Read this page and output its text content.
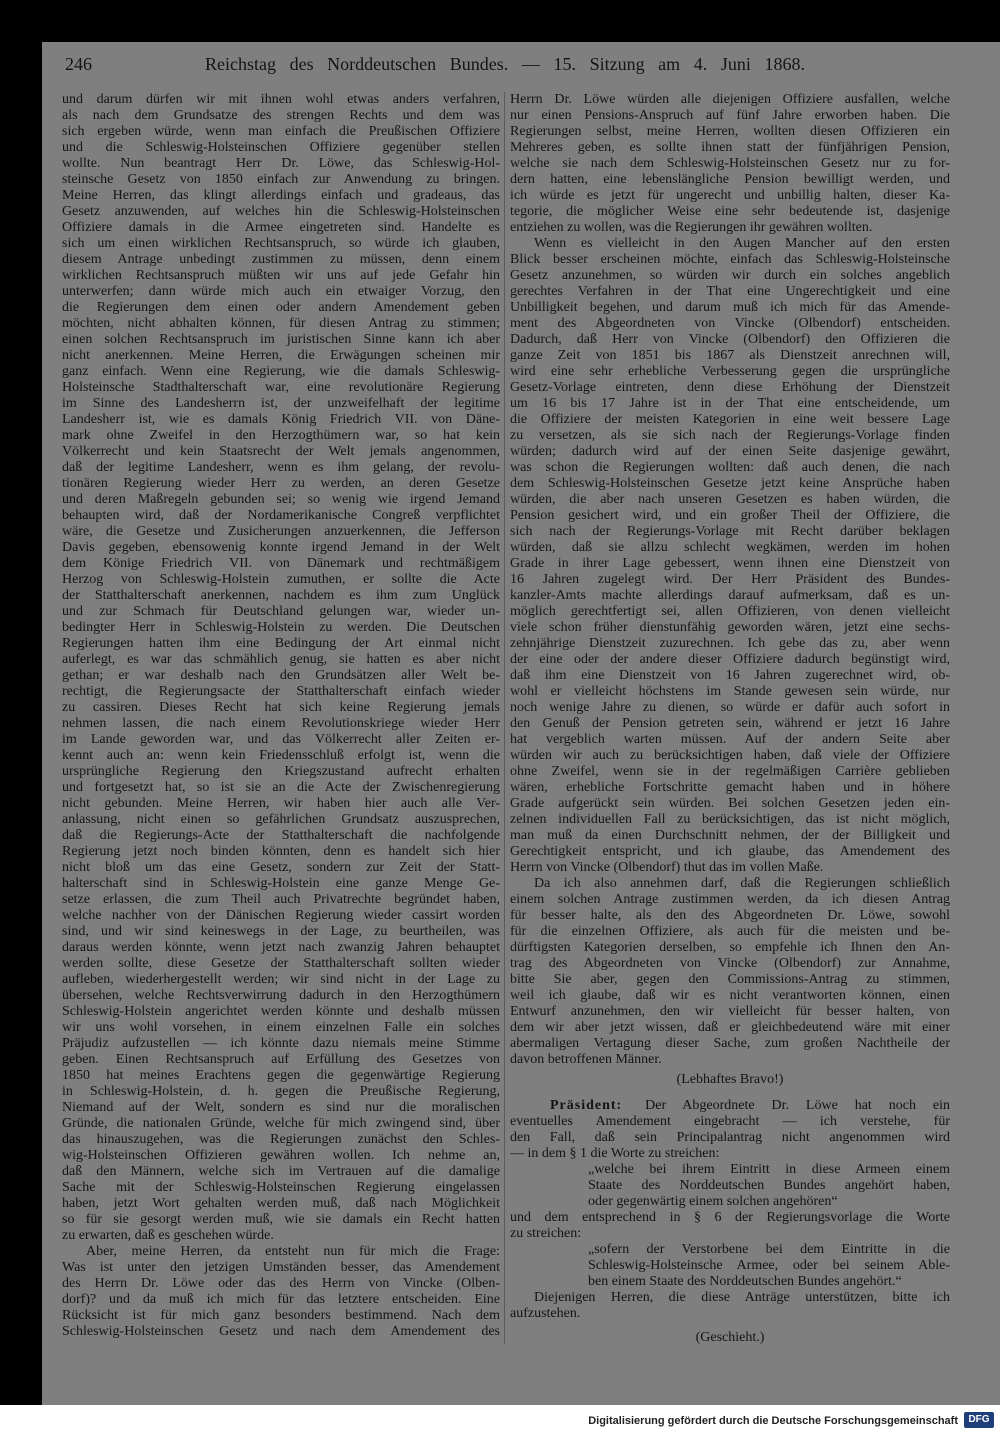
246	Reichstag des Norddeutschen Bundes. — 15. Sitzung am 4. Juni 1868.
und darum dürfen wir mit ihnen wohl etwas anders verfahren,
als nach dem Grundsatze des strengen Rechts und dem was
sich ergeben würde, wenn man einfach die Preußischen Offiziere
und die Schleswig-Holsteinschen Offiziere gegenüber stellen
wollte. Nun beantragt Herr Dr. Löwe, das Schleswig-Hol-
steinsche Gesetz von 1850 einfach zur Anwendung zu bringen.
Meine Herren, das klingt allerdings einfach und gradeaus, das
Gesetz anzuwenden, auf welches hin die Schleswig-Holsteinschen
Offiziere damals in die Armee eingetreten sind. Handelte es
sich um einen wirklichen Rechtsanspruch, so würde ich glauben,
diesem Antrage unbedingt zustimmen zu müssen, denn einem
wirklichen Rechtsanspruch müßten wir uns auf jede Gefahr hin
unterwerfen; dann würde mich auch ein etwaiger Vorzug, den
die Regierungen dem einen oder andern Amendement geben
möchten, nicht abhalten können, für diesen Antrag zu stimmen;
einen solchen Rechtsanspruch im juristischen Sinne kann ich aber
nicht anerkennen. Meine Herren, die Erwägungen scheinen mir
ganz einfach. Wenn eine Regierung, wie die damals Schleswig-
Holsteinsche Stadthalterschaft war, eine revolutionäre Regierung
im Sinne des Landesherrn ist, der unzweifelhaft der legitime
Landesherr ist, wie es damals König Friedrich VII. von Däne-
mark ohne Zweifel in den Herzogthümern war, so hat kein
Völkerrecht und kein Staatsrecht der Welt jemals angenommen,
daß der legitime Landesherr, wenn es ihm gelang, der revolu-
tionären Regierung wieder Herr zu werden, an deren Gesetze
und deren Maßregeln gebunden sei; so wenig wie irgend Jemand
behaupten wird, daß der Nordamerikanische Congreß verpflichtet
wäre, die Gesetze und Zusicherungen anzuerkennen, die Jefferson
Davis gegeben, ebensowenig konnte irgend Jemand in der Welt
dem Könige Friedrich VII. von Dänemark und rechtmäßigem
Herzog von Schleswig-Holstein zumuthen, er sollte die Acte
der Statthalterschaft anerkennen, nachdem es ihm zum Unglück
und zur Schmach für Deutschland gelungen war, wieder un-
bedingter Herr in Schleswig-Holstein zu werden. Die Deutschen
Regierungen hatten ihm eine Bedingung der Art einmal nicht
auferlegt, es war das schmählich genug, sie hatten es aber nicht
gethan; er war deshalb nach den Grundsätzen aller Welt be-
rechtigt, die Regierungsacte der Statthalterschaft einfach wieder
zu cassiren. Dieses Recht hat sich keine Regierung jemals
nehmen lassen, die nach einem Revolutionskriege wieder Herr
im Lande geworden war, und das Völkerrecht aller Zeiten er-
kennt auch an: wenn kein Friedensschluß erfolgt ist, wenn die
ursprüngliche Regierung den Kriegszustand aufrecht erhalten
und fortgesetzt hat, so ist sie an die Acte der Zwischenregierung
nicht gebunden. Meine Herren, wir haben hier auch alle Ver-
anlassung, nicht einen so gefährlichen Grundsatz auszusprechen,
daß die Regierungs-Acte der Statthalterschaft die nachfolgende
Regierung jetzt noch binden könnten, denn es handelt sich hier
nicht bloß um das eine Gesetz, sondern zur Zeit der Statt-
halterschaft sind in Schleswig-Holstein eine ganze Menge Ge-
setze erlassen, die zum Theil auch Privatrechte begründet haben,
welche nachher von der Dänischen Regierung wieder cassirt worden
sind, und wir sind keineswegs in der Lage, zu beurtheilen, was
daraus werden könnte, wenn jetzt nach zwanzig Jahren behauptet
werden sollte, diese Gesetze der Statthalterschaft sollten wieder
aufleben, wiederhergestellt werden; wir sind nicht in der Lage zu
übersehen, welche Rechtsverwirrung dadurch in den Herzogthümern
Schleswig-Holstein angerichtet werden könnte und deshalb müssen
wir uns wohl vorsehen, in einem einzelnen Falle ein solches
Präjudiz aufzustellen — ich könnte dazu niemals meine Stimme
geben. Einen Rechtsanspruch auf Erfüllung des Gesetzes von
1850 hat meines Erachtens gegen die gegenwärtige Regierung
in Schleswig-Holstein, d. h. gegen die Preußische Regierung,
Niemand auf der Welt, sondern es sind nur die moralischen
Gründe, die nationalen Gründe, welche für mich zwingend sind, über
das hinauszugehen, was die Regierungen zunächst den Schles-
wig-Holsteinschen Offizieren gewähren wollen. Ich nehme an,
daß den Männern, welche sich im Vertrauen auf die damalige
Sache mit der Schleswig-Holsteinschen Regierung eingelassen
haben, jetzt Wort gehalten werden muß, daß nach Möglichkeit
so für sie gesorgt werden muß, wie sie damals ein Recht hatten
zu erwarten, daß es geschehen würde.
Aber, meine Herren, da entsteht nun für mich die Frage:
Was ist unter den jetzigen Umständen besser, das Amendement
des Herrn Dr. Löwe oder das des Herrn von Vincke (Olben-
dorf)? und da muß ich mich für das letztere entscheiden. Eine
Rücksicht ist für mich ganz besonders bestimmend. Nach dem
Schleswig-Holsteinschen Gesetz und nach dem Amendement des
Herrn Dr. Löwe würden alle diejenigen Offiziere ausfallen, welche
nur einen Pensions-Anspruch auf fünf Jahre erworben haben. Die
Regierungen selbst, meine Herren, wollten diesen Offizieren ein
Mehreres geben, es sollte ihnen statt der fünfjährigen Pension,
welche sie nach dem Schleswig-Holsteinschen Gesetz nur zu for-
dern hatten, eine lebenslängliche Pension bewilligt werden, und
ich würde es jetzt für ungerecht und unbillig halten, dieser Ka-
tegorie, die möglicher Weise eine sehr bedeutende ist, dasjenige
entziehen zu wollen, was die Regierungen ihr gewähren wollten.
Wenn es vielleicht in den Augen Mancher auf den ersten
Blick besser erscheinen möchte, einfach das Schleswig-Holsteinsche
Gesetz anzunehmen, so würden wir durch ein solches angeblich
gerechtes Verfahren in der That eine Ungerechtigkeit und eine
Unbilligkeit begehen, und darum muß ich mich für das Amende-
ment des Abgeordneten von Vincke (Olbendorf) entscheiden.
Dadurch, daß Herr von Vincke (Olbendorf) den Offizieren die
ganze Zeit von 1851 bis 1867 als Dienstzeit anrechnen will,
wird eine sehr erhebliche Verbesserung gegen die ursprüngliche
Gesetz-Vorlage eintreten, denn diese Erhöhung der Dienstzeit
um 16 bis 17 Jahre ist in der That eine entscheidende, um
die Offiziere der meisten Kategorien in eine weit bessere Lage
zu versetzen, als sie sich nach der Regierungs-Vorlage finden
würden; dadurch wird auf der einen Seite dasjenige gewährt,
was schon die Regierungen wollten: daß auch denen, die nach
dem Schleswig-Holsteinschen Gesetze jetzt keine Ansprüche haben
würden, die aber nach unseren Gesetzen es haben würden, die
Pension gesichert wird, und ein großer Theil der Offiziere, die
sich nach der Regierungs-Vorlage mit Recht darüber beklagen
würden, daß sie allzu schlecht wegkämen, werden im hohen
Grade in ihrer Lage gebessert, wenn ihnen eine Dienstzeit von
16 Jahren zugelegt wird. Der Herr Präsident des Bundes-
kanzler-Amts machte allerdings darauf aufmerksam, daß es un-
möglich gerechtfertigt sei, allen Offizieren, von denen vielleicht
viele schon früher dienstunfähig geworden wären, jetzt eine sechs-
zehnjährige Dienstzeit zuzurechnen. Ich gebe das zu, aber wenn
der eine oder der andere dieser Offiziere dadurch begünstigt wird,
daß ihm eine Dienstzeit von 16 Jahren zugerechnet wird, ob-
wohl er vielleicht höchstens im Stande gewesen sein würde, nur
noch wenige Jahre zu dienen, so würde er dafür auch sofort in
den Genuß der Pension getreten sein, während er jetzt 16 Jahre
hat vergeblich warten müssen. Auf der andern Seite aber
würden wir auch zu berücksichtigen haben, daß viele der Offiziere
ohne Zweifel, wenn sie in der regelmäßigen Carrière geblieben
wären, erhebliche Fortschritte gemacht haben und in höhere
Grade aufgerückt sein würden. Bei solchen Gesetzen jeden ein-
zelnen individuellen Fall zu berücksichtigen, das ist nicht möglich,
man muß da einen Durchschnitt nehmen, der der Billigkeit und
Gerechtigkeit entspricht, und ich glaube, das Amendement des
Herrn von Vincke (Olbendorf) thut das im vollen Maße.
Da ich also annehmen darf, daß die Regierungen schließlich
einem solchen Antrage zustimmen werden, da ich diesen Antrag
für besser halte, als den des Abgeordneten Dr. Löwe, sowohl
für die einzelnen Offiziere, als auch für die meisten und be-
dürftigsten Kategorien derselben, so empfehle ich Ihnen den An-
trag des Abgeordneten von Vincke (Olbendorf) zur Annahme,
bitte Sie aber, gegen den Commissions-Antrag zu stimmen,
weil ich glaube, daß wir es nicht verantworten können, einen
Entwurf anzunehmen, den wir vielleicht für besser halten, von
dem wir aber jetzt wissen, daß er gleichbedeutend wäre mit einer
abermaligen Vertagung dieser Sache, zum großen Nachtheile der
davon betroffenen Männer.
(Lebhaftes Bravo!)
Präsident: Der Abgeordnete Dr. Löwe hat noch ein
eventuelles Amendement eingebracht — ich verstehe, für
den Fall, daß sein Principalantrag nicht angenommen wird
— in dem § 1 die Worte zu streichen:
„welche bei ihrem Eintritt in diese Armeen einem
Staate des Norddeutschen Bundes angehört haben,
oder gegenwärtig einem solchen angehören“
und dem entsprechend in § 6 der Regierungsvorlage die Worte
zu streichen:
„sofern der Verstorbene bei dem Eintritte in die
Schleswig-Holsteinsche Armee, oder bei seinem Able-
ben einem Staate des Norddeutschen Bundes angehört.“
Diejenigen Herren, die diese Anträge unterstützen, bitte ich
aufzustehen.
(Geschieht.)
Digitalisierung gefördert durch die Deutsche Forschungsgemeinschaft	DFG
